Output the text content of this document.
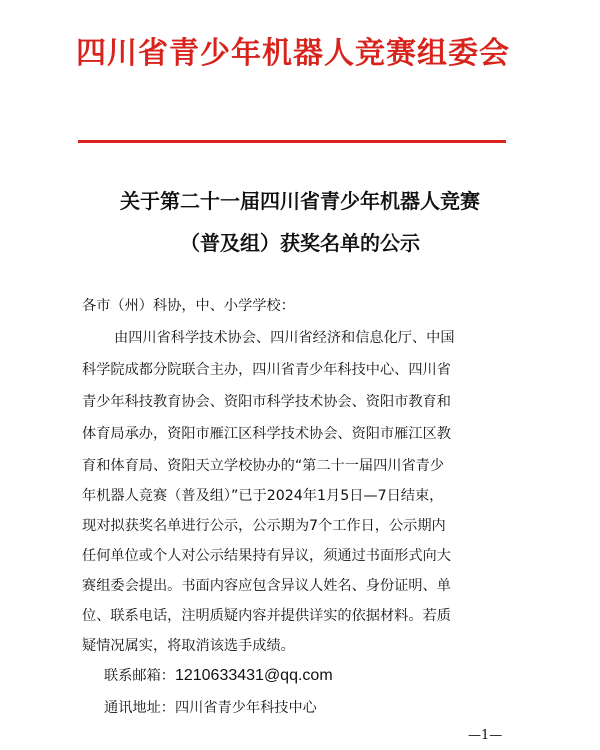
四川省青少年机器人竞赛组委会
关于第二十一届四川省青少年机器人竞赛
（普及组）获奖名单的公示
各市（州）科协，中、小学学校：
由四川省科学技术协会、四川省经济和信息化厅、中国
科学院成都分院联合主办，四川省青少年科技中心、四川省
青少年科技教育协会、资阳市科学技术协会、资阳市教育和
体育局承办，资阳市雁江区科学技术协会、资阳市雁江区教
育和体育局、资阳天立学校协办的“第二十一届四川省青少
年机器人竞赛（普及组）”已于2024年1月5日—7日结束，
现对拟获奖名单进行公示，公示期为7个工作日，公示期内
任何单位或个人对公示结果持有异议，须通过书面形式向大
赛组委会提出。书面内容应包含异议人姓名、身份证明、单
位、联系电话，注明质疑内容并提供详实的依据材料。若质
疑情况属实，将取消该选手成绩。
联系邮箱：1210633431@qq.com
通讯地址：四川省青少年科技中心
—1—
